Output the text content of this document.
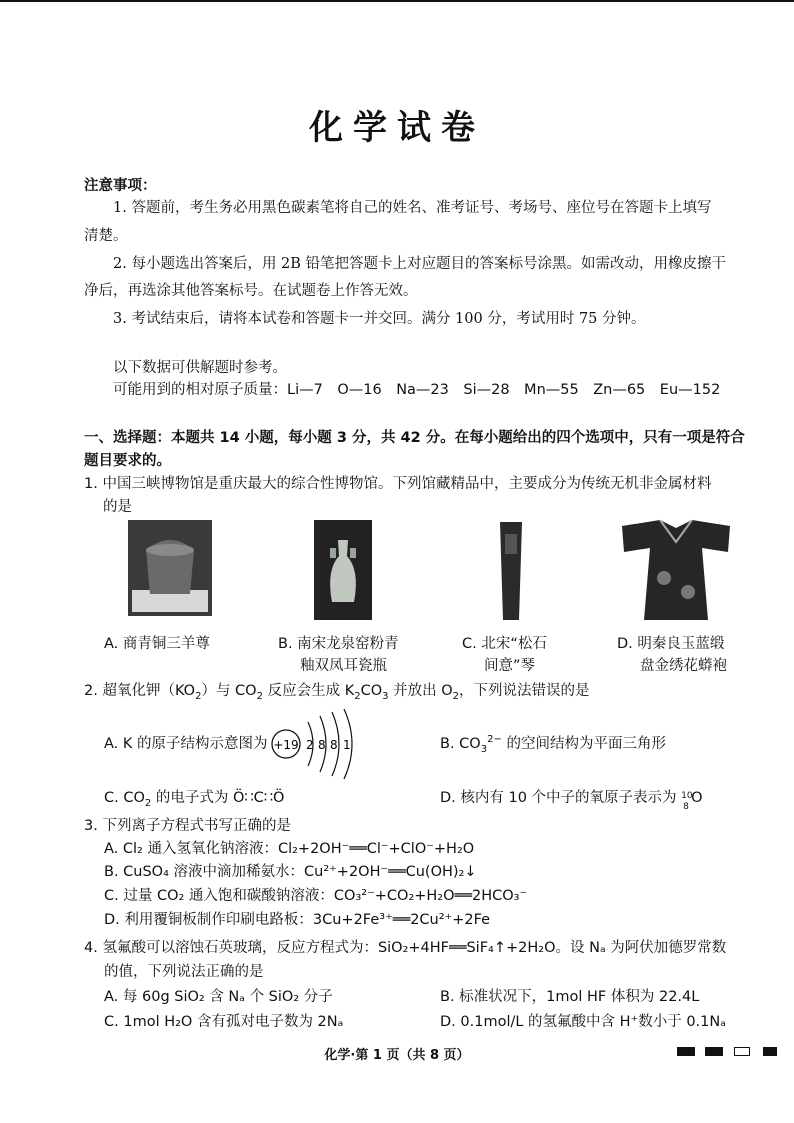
化学试卷
注意事项：
1. 答题前，考生务必用黑色碳素笔将自己的姓名、准考证号、考场号、座位号在答题卡上填写
清楚。
2. 每小题选出答案后，用 2B 铅笔把答题卡上对应题目的答案标号涂黑。如需改动，用橡皮擦干
净后，再选涂其他答案标号。在试题卷上作答无效。
3. 考试结束后，请将本试卷和答题卡一并交回。满分 100 分，考试用时 75 分钟。
以下数据可供解题时参考。
可能用到的相对原子质量：Li—7　O—16　Na—23　Si—28　Mn—55　Zn—65　Eu—152
一、选择题：本题共 14 小题，每小题 3 分，共 42 分。在每小题给出的四个选项中，只有一项是符合
题目要求的。
1. 中国三峡博物馆是重庆最大的综合性博物馆。下列馆藏精品中，主要成分为传统无机非金属材料
的是
A. 商青铜三羊尊	B. 南宋龙泉窑粉青
釉双凤耳瓷瓶
C. 北宋“松石
间意”琴
D. 明秦良玉蓝缎
盘金绣花蟒袍
2. 超氧化钾$(KO_2)$与 $CO_2$ 反应会生成 $K_2CO_3$ 并放出 $O_2$，下列说法错误的是
A. K 的原子结构示意图为 +19 2 8 8 1	B. $CO_3^{2-}$ 的空间结构为平面三角形
C. $CO_2$ 的电子式为 Ö∷C∷Ö	D. 核内有 10 个中子的氧原子表示为 10
8
O
3. 下列离子方程式书写正确的是
A. Cl₂ 通入氢氧化钠溶液：Cl₂+2OH⁻══Cl⁻+ClO⁻+H₂O
B. CuSO₄ 溶液中滴加稀氨水：Cu²⁺+2OH⁻══Cu(OH)₂↓
C. 过量 CO₂ 通入饱和碳酸钠溶液：CO₃²⁻+CO₂+H₂O══2HCO₃⁻
D. 利用覆铜板制作印刷电路板：3Cu+2Fe³⁺══2Cu²⁺+2Fe
4. 氢氟酸可以溶蚀石英玻璃，反应方程式为：SiO₂+4HF══SiF₄↑+2H₂O。设 Nₐ 为阿伏加德罗常数
的值，下列说法正确的是
A. 每 60g SiO₂ 含 Nₐ 个 SiO₂ 分子	B. 标准状况下，1mol HF 体积为 22.4L
C. 1mol H₂O 含有孤对电子数为 2Nₐ	D. 0.1mol/L 的氢氟酸中含 H⁺数小于 0.1Nₐ
化学·第 1 页（共 8 页）
